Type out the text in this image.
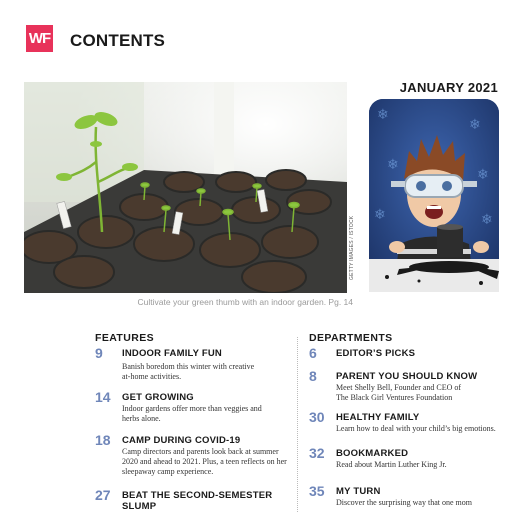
WF CONTENTS
JANUARY 2021
GETTY IMAGES / ISTOCK
Cultivate your green thumb with an indoor garden. Pg. 14
❄
❄
❄
❄
❄	❄
FEATURES
9	INDOOR FAMILY FUN
Banish boredom this winter with creative
at-home activities.
14	GET GROWING
Indoor gardens offer more than veggies and
herbs alone.
18	CAMP DURING COVID-19
Camp directors and parents look back at summer
2020 and ahead to 2021. Plus, a teen reflects on her
sleepaway camp experience.
27	BEAT THE SECOND-SEMESTER
SLUMP
DEPARTMENTS
6	EDITOR’S PICKS
8	PARENT YOU SHOULD KNOW
Meet Shelly Bell, Founder and CEO of
The Black Girl Ventures Foundation
30	HEALTHY FAMILY
Learn how to deal with your child’s big emotions.
32	BOOKMARKED
Read about Martin Luther King Jr.
35	MY TURN
Discover the surprising way that one mom
